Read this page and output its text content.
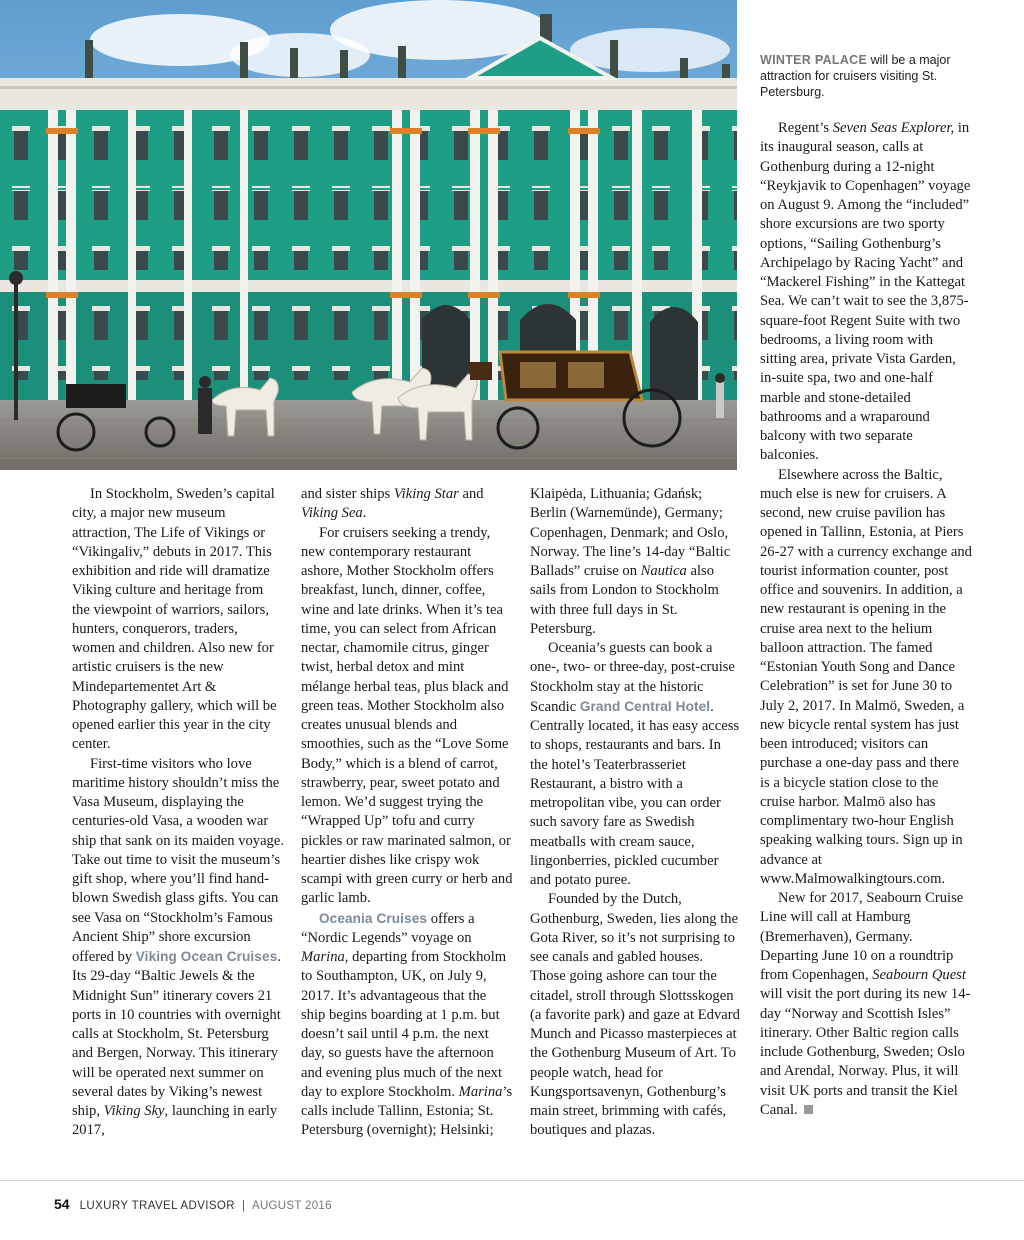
WINTER PALACE will be a major attraction for cruisers visiting St. Petersburg.

In Stockholm, Sweden’s capital city, a major new museum attraction, The Life of Vikings or “Vikingaliv,” debuts in 2017. This exhibition and ride will dramatize Viking culture and heritage from the viewpoint of warriors, sailors, hunters, conquerors, traders, women and children. Also new for artistic cruisers is the new Mindepartementet Art & Photography gallery, which will be opened earlier this year in the city center.

First-time visitors who love maritime history shouldn’t miss the Vasa Museum, displaying the centuries-old Vasa, a wooden war ship that sank on its maiden voyage. Take out time to visit the museum’s gift shop, where you’ll find hand-blown Swedish glass gifts. You can see Vasa on “Stockholm’s Famous Ancient Ship” shore excursion offered by Viking Ocean Cruises. Its 29-day “Baltic Jewels & the Midnight Sun” itinerary covers 21 ports in 10 countries with overnight calls at Stockholm, St. Petersburg and Bergen, Norway. This itinerary will be operated next summer on several dates by Viking’s newest ship, Viking Sky, launching in early 2017,

and sister ships Viking Star and Viking Sea.

For cruisers seeking a trendy, new contemporary restaurant ashore, Mother Stockholm offers breakfast, lunch, dinner, coffee, wine and late drinks. When it’s tea time, you can select from African nectar, chamomile citrus, ginger twist, herbal detox and mint mélange herbal teas, plus black and green teas. Mother Stockholm also creates unusual blends and smoothies, such as the “Love Some Body,” which is a blend of carrot, strawberry, pear, sweet potato and lemon. We’d suggest trying the “Wrapped Up” tofu and curry pickles or raw marinated salmon, or heartier dishes like crispy wok scampi with green curry or herb and garlic lamb.

Oceania Cruises offers a “Nordic Legends” voyage on Marina, departing from Stockholm to Southampton, UK, on July 9, 2017. It’s advantageous that the ship begins boarding at 1 p.m. but doesn’t sail until 4 p.m. the next day, so guests have the afternoon and evening plus much of the next day to explore Stockholm. Marina’s calls include Tallinn, Estonia; St. Petersburg (overnight); Helsinki;

Klaipėda, Lithuania; Gdańsk; Berlin (Warnemünde), Germany; Copenhagen, Denmark; and Oslo, Norway. The line’s 14-day “Baltic Ballads” cruise on Nautica also sails from London to Stockholm with three full days in St. Petersburg.

Oceania’s guests can book a one-, two- or three-day, post-cruise Stockholm stay at the historic Scandic Grand Central Hotel. Centrally located, it has easy access to shops, restaurants and bars. In the hotel’s Teaterbrasseriet Restaurant, a bistro with a metropolitan vibe, you can order such savory fare as Swedish meatballs with cream sauce, lingonberries, pickled cucumber and potato puree.

Founded by the Dutch, Gothenburg, Sweden, lies along the Gota River, so it’s not surprising to see canals and gabled houses. Those going ashore can tour the citadel, stroll through Slottsskogen (a favorite park) and gaze at Edvard Munch and Picasso masterpieces at the Gothenburg Museum of Art. To people watch, head for Kungsportsavenyn, Gothenburg’s main street, brimming with cafés, boutiques and plazas.

Regent’s Seven Seas Explorer, in its inaugural season, calls at Gothenburg during a 12-night “Reykjavik to Copenhagen” voyage on August 9. Among the “included” shore excursions are two sporty options, “Sailing Gothenburg’s Archipelago by Racing Yacht” and “Mackerel Fishing” in the Kattegat Sea. We can’t wait to see the 3,875-square-foot Regent Suite with two bedrooms, a living room with sitting area, private Vista Garden, in-suite spa, two and one-half marble and stone-detailed bathrooms and a wraparound balcony with two separate balconies.

Elsewhere across the Baltic, much else is new for cruisers. A second, new cruise pavilion has opened in Tallinn, Estonia, at Piers 26-27 with a currency exchange and tourist information counter, post office and souvenirs. In addition, a new restaurant is opening in the cruise area next to the helium balloon attraction. The famed “Estonian Youth Song and Dance Celebration” is set for June 30 to July 2, 2017. In Malmö, Sweden, a new bicycle rental system has just been introduced; visitors can purchase a one-day pass and there is a bicycle station close to the cruise harbor. Malmö also has complimentary two-hour English speaking walking tours. Sign up in advance at www.Malmowalkingtours.com.

New for 2017, Seabourn Cruise Line will call at Hamburg (Bremerhaven), Germany. Departing June 10 on a roundtrip from Copenhagen, Seabourn Quest will visit the port during its new 14-day “Norway and Scottish Isles” itinerary. Other Baltic region calls include Gothenburg, Sweden; Oslo and Arendal, Norway. Plus, it will visit UK ports and transit the Kiel Canal.

54 LUXURY TRAVEL ADVISOR | AUGUST 2016
